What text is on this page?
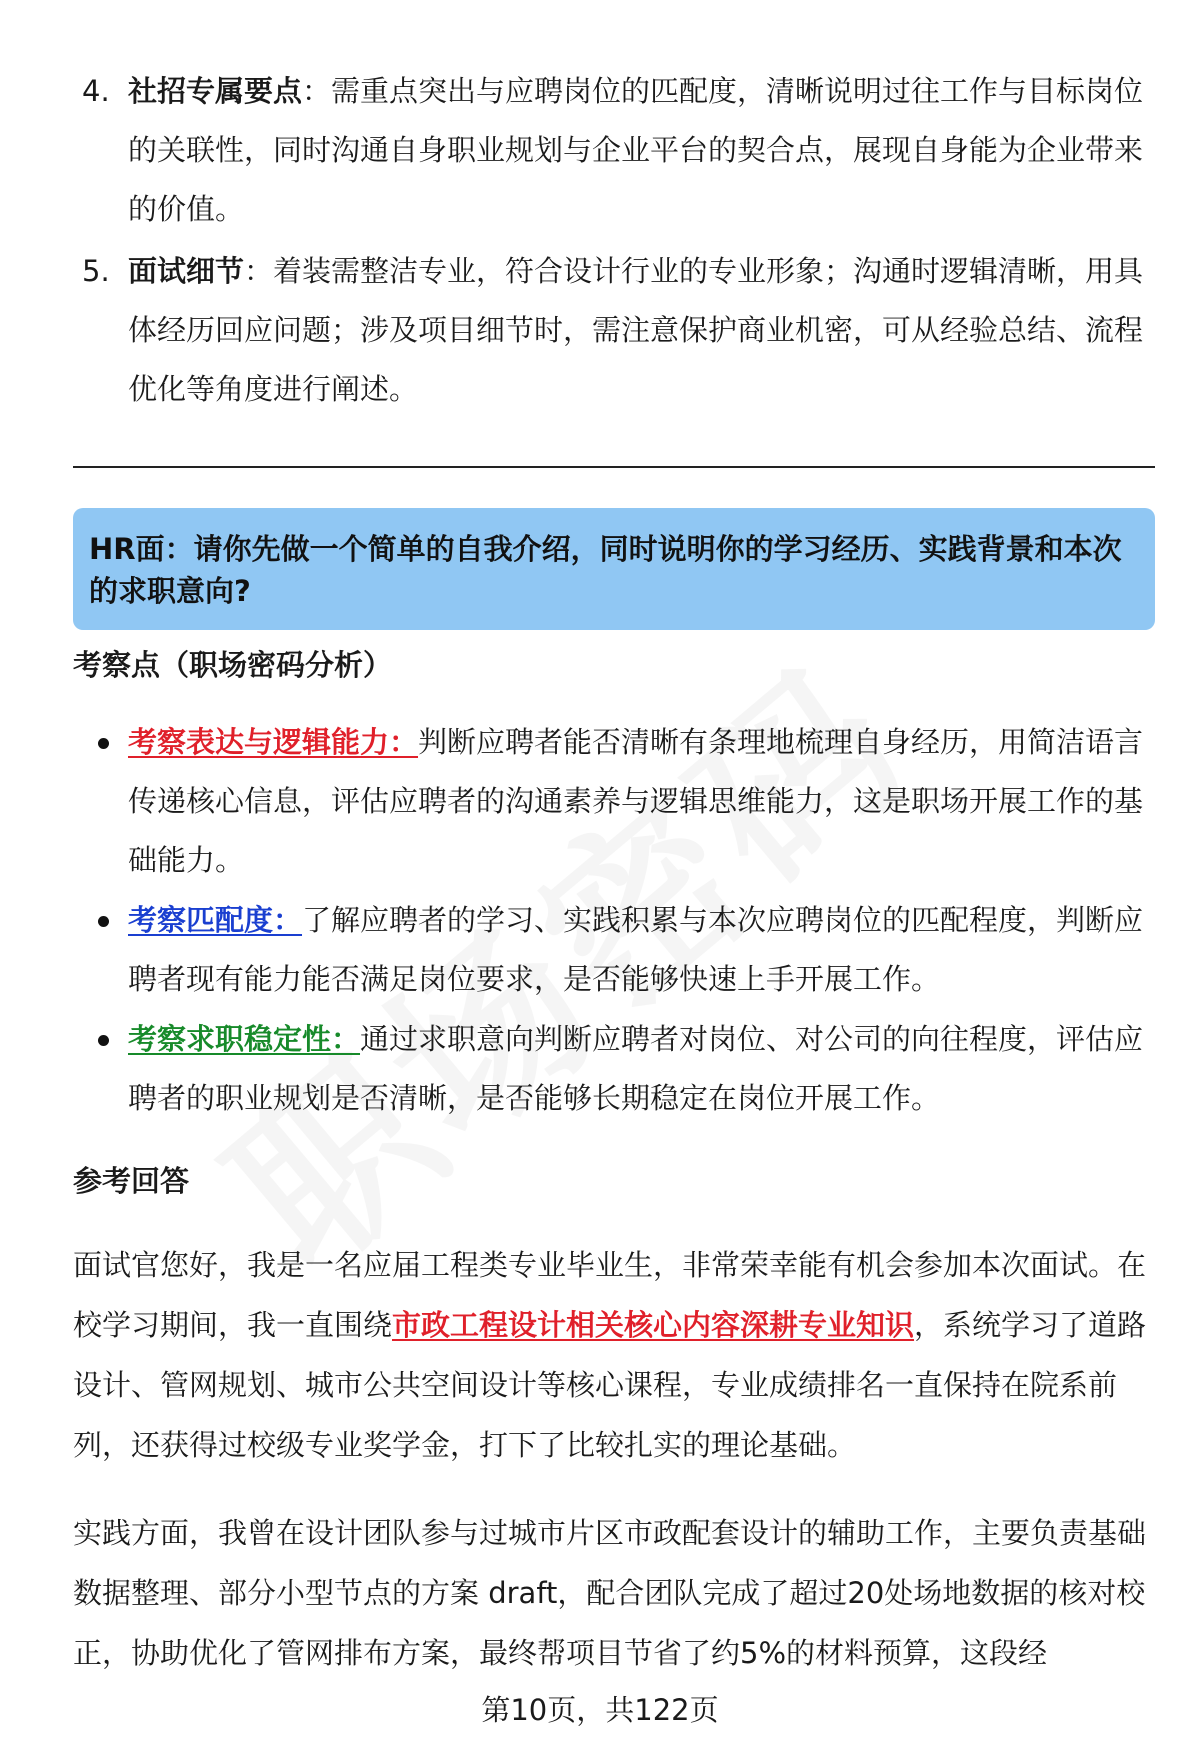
4. 社招专属要点：需重点突出与应聘岗位的匹配度，清晰说明过往工作与目标岗位的关联性，同时沟通自身职业规划与企业平台的契合点，展现自身能为企业带来的价值。
5. 面试细节：着装需整洁专业，符合设计行业的专业形象；沟通时逻辑清晰，用具体经历回应问题；涉及项目细节时，需注意保护商业机密，可从经验总结、流程优化等角度进行阐述。
HR面：请你先做一个简单的自我介绍，同时说明你的学习经历、实践背景和本次的求职意向?
考察点（职场密码分析）
考察表达与逻辑能力：判断应聘者能否清晰有条理地梳理自身经历，用简洁语言传递核心信息，评估应聘者的沟通素养与逻辑思维能力，这是职场开展工作的基础能力。
考察匹配度：了解应聘者的学习、实践积累与本次应聘岗位的匹配程度，判断应聘者现有能力能否满足岗位要求，是否能够快速上手开展工作。
考察求职稳定性：通过求职意向判断应聘者对岗位、对公司的向往程度，评估应聘者的职业规划是否清晰，是否能够长期稳定在岗位开展工作。
参考回答
面试官您好，我是一名应届工程类专业毕业生，非常荣幸能有机会参加本次面试。在校学习期间，我一直围绕市政工程设计相关核心内容深耕专业知识，系统学习了道路设计、管网规划、城市公共空间设计等核心课程，专业成绩排名一直保持在院系前列，还获得过校级专业奖学金，打下了比较扎实的理论基础。
实践方面，我曾在设计团队参与过城市片区市政配套设计的辅助工作，主要负责基础数据整理、部分小型节点的方案 draft，配合团队完成了超过20处场地数据的核对校正，协助优化了管网排布方案，最终帮项目节省了约5%的材料预算，这段经
第10页，共122页
